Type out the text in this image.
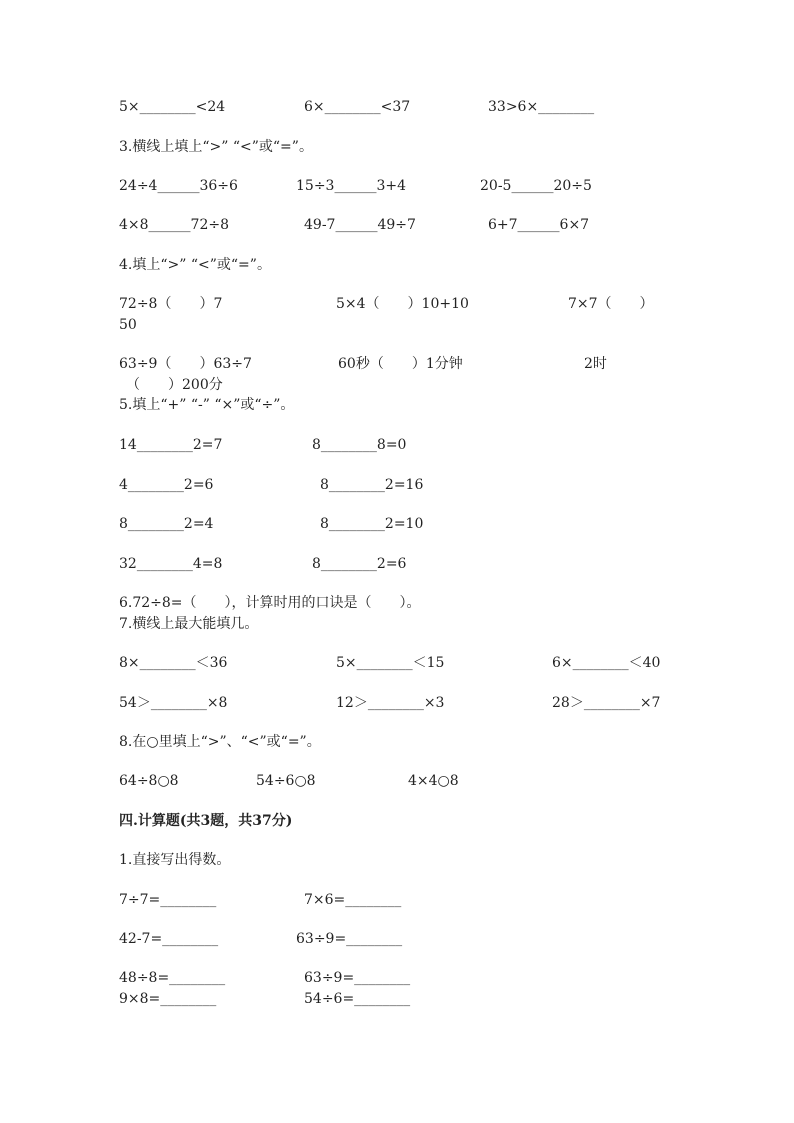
5×________<24	6×________<37	33>6×________
3.横线上填上“>” “<”或“=”。
24÷4______36÷6	15÷3______3+4	20-5______20÷5
4×8______72÷8	49-7______49÷7	6+7______6×7
4.填上“>” “<”或“=”。
72÷8（　　）7	5×4（　　）10+10	7×7（　　）
50
63÷9（　　）63÷7	60秒（　　）1分钟	2时
（　　）200分
5.填上“+” “-” “×”或“÷”。
14________2=7	8________8=0
4________2=6	8________2=16
8________2=4	8________2=10
32________4=8	8________2=6
6.72÷8=（　　），计算时用的口诀是（　　）。
7.横线上最大能填几。
8×________＜36	5×________＜15	6×________＜40
54＞________×8	12＞________×3	28＞________×7
8.在○里填上“>”、“<”或“=”。
64÷8○8	54÷6○8	4×4○8
四.计算题(共3题，共37分)
1.直接写出得数。
7÷7=________	7×6=________
42-7=________	63÷9=________
48÷8=________	63÷9=________
9×8=________	54÷6=________
